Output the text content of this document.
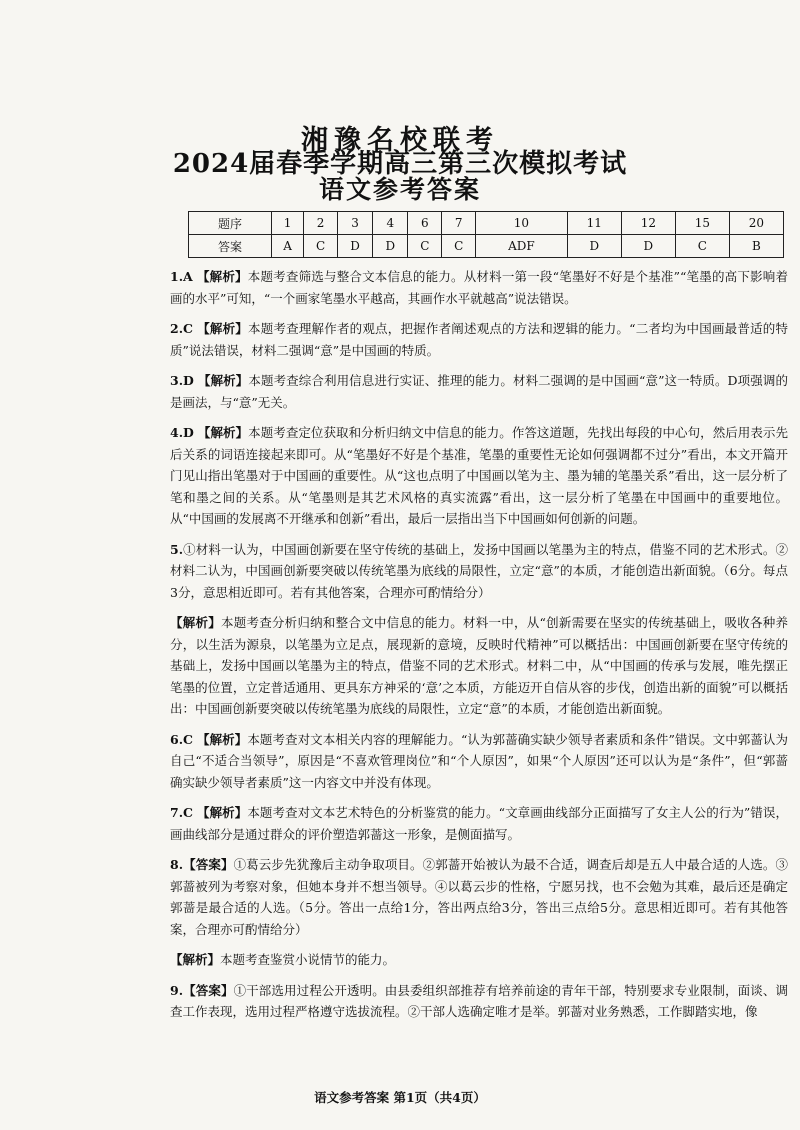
湘豫名校联考
2024届春季学期高三第三次模拟考试
语文参考答案
题序	1	2	3	4	6	7	10	11	12	15	20
答案	A	C	D	D	C	C	ADF	D	D	C	B

1.A 【解析】本题考查筛选与整合文本信息的能力。从材料一第一段“笔墨好不好是个基准”“笔墨的高下影响着画的水平”可知，“一个画家笔墨水平越高，其画作水平就越高”说法错误。

2.C 【解析】本题考查理解作者的观点，把握作者阐述观点的方法和逻辑的能力。“二者均为中国画最普适的特质”说法错误，材料二强调“意”是中国画的特质。

3.D 【解析】本题考查综合利用信息进行实证、推理的能力。材料二强调的是中国画“意”这一特质。D项强调的是画法，与“意”无关。

4.D 【解析】本题考查定位获取和分析归纳文中信息的能力。作答这道题，先找出每段的中心句，然后用表示先后关系的词语连接起来即可。从“笔墨好不好是个基准，笔墨的重要性无论如何强调都不过分”看出，本文开篇开门见山指出笔墨对于中国画的重要性。从“这也点明了中国画以笔为主、墨为辅的笔墨关系”看出，这一层分析了笔和墨之间的关系。从“笔墨则是其艺术风格的真实流露”看出，这一层分析了笔墨在中国画中的重要地位。从“中国画的发展离不开继承和创新”看出，最后一层指出当下中国画如何创新的问题。

5.①材料一认为，中国画创新要在坚守传统的基础上，发扬中国画以笔墨为主的特点，借鉴不同的艺术形式。②材料二认为，中国画创新要突破以传统笔墨为底线的局限性，立定“意”的本质，才能创造出新面貌。（6分。每点3分，意思相近即可。若有其他答案，合理亦可酌情给分）

【解析】本题考查分析归纳和整合文中信息的能力。材料一中，从“创新需要在坚实的传统基础上，吸收各种养分，以生活为源泉，以笔墨为立足点，展现新的意境，反映时代精神”可以概括出：中国画创新要在坚守传统的基础上，发扬中国画以笔墨为主的特点，借鉴不同的艺术形式。材料二中，从“中国画的传承与发展，唯先摆正笔墨的位置，立定普适通用、更具东方神采的‘意’之本质，方能迈开自信从容的步伐，创造出新的面貌”可以概括出：中国画创新要突破以传统笔墨为底线的局限性，立定“意”的本质，才能创造出新面貌。

6.C 【解析】本题考查对文本相关内容的理解能力。“认为郭蔷确实缺少领导者素质和条件”错误。文中郭蔷认为自己“不适合当领导”，原因是“不喜欢管理岗位”和“个人原因”，如果“个人原因”还可以认为是“条件”，但“郭蔷确实缺少领导者素质”这一内容文中并没有体现。

7.C 【解析】本题考查对文本艺术特色的分析鉴赏的能力。“文章画曲线部分正面描写了女主人公的行为”错误，画曲线部分是通过群众的评价塑造郭蔷这一形象，是侧面描写。

8.【答案】①葛云步先犹豫后主动争取项目。②郭蔷开始被认为最不合适，调查后却是五人中最合适的人选。③郭蔷被列为考察对象，但她本身并不想当领导。④以葛云步的性格，宁愿另找，也不会勉为其难，最后还是确定郭蔷是最合适的人选。（5分。答出一点给1分，答出两点给3分，答出三点给5分。意思相近即可。若有其他答案，合理亦可酌情给分）

【解析】本题考查鉴赏小说情节的能力。

9.【答案】①干部选用过程公开透明。由县委组织部推荐有培养前途的青年干部，特别要求专业限制，面谈、调查工作表现，选用过程严格遵守选拔流程。②干部人选确定唯才是举。郭蔷对业务熟悉，工作脚踏实地，像

语文参考答案 第1页（共4页）
